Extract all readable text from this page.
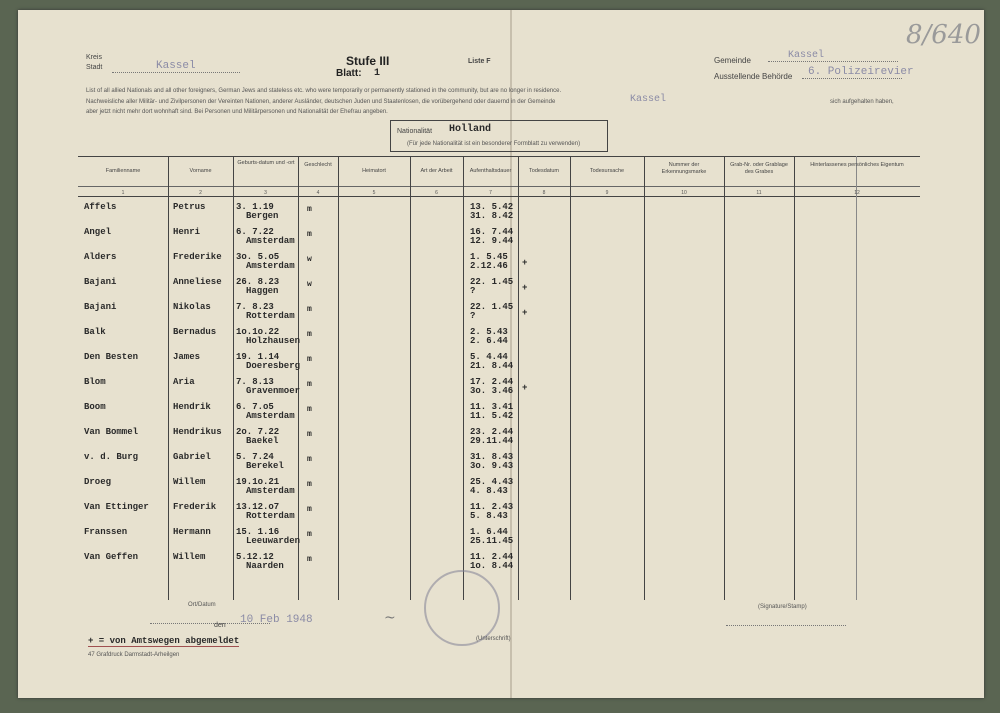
8/640
Kreis
Stadt	Kassel	Stufe III
Blatt: 1
Liste F	Gemeinde	Kassel
Ausstellende Behörde	6. Polizeirevier
List of all allied Nationals and all other foreigners, German Jews and stateless etc. who were temporarily or permanently stationed in the community, but are no longer in residence.
Nachweisliche aller Militär- und Zivilpersonen der Vereinten Nationen, anderer Ausländer, deutschen Juden und Staatenlosen, die vorübergehend oder dauernd in der Gemeinde	Kassel	sich aufgehalten haben,
aber jetzt nicht mehr dort wohnhaft sind. Bei Personen und Militärpersonen und Nationalität der Ehefrau angeben.
Nationalität Holland
(Für jede Nationalität ist ein besonderer Formblatt zu verwenden)
Familienname	Vorname
Geburts-datum und -ort	Geschlecht
Heimatort	Art der Arbeit	Aufenthaltsdauer	Todesdatum	Todesursache
Nummer der Erkennungsmarke
Grab-Nr. oder Grablage des Grabes
Hinterlassenes persönliches Eigentum
1	2	3	4	5	6	7	8	9	10	11	12
Affels	Petrus	3. 1.19
Bergen
m	13. 5.42
31. 8.42
Angel	Henri	6. 7.22
Amsterdam
m	16. 7.44
12. 9.44
Alders	Frederike 3o. 5.o5
Amsterdam
w	1. 5.45
2.12.46 +
Bajani	Anneliese 26. 8.23
Haggen
w	22. 1.45
?	+
Bajani	Nikolas	7. 8.23
Rotterdam
m	22. 1.45
?	+
Balk	Bernadus 1o.1o.22
Holzhausen
m	2. 5.43
2. 6.44
Den Besten	James	19. 1.14
Doeresberg
m	5. 4.44
21. 8.44
Blom	Aria	7. 8.13
Gravenmoer
m	17. 2.44
3o. 3.46 +
Boom	Hendrik	6. 7.o5
Amsterdam
m	11. 3.41
11. 5.42
Van Bommel	Hendrikus 2o. 7.22
Baekel
m	23. 2.44
29.11.44
v. d. Burg	Gabriel	5. 7.24
Berekel
m	31. 8.43
3o. 9.43
Droeg	Willem	19.1o.21
Amsterdam
m	25. 4.43
4. 8.43
Van Ettinger	Frederik 13.12.o7
Rotterdam
m	11. 2.43
5. 8.43
Franssen	Hermann	15. 1.16
Leeuwarden
m	1. 6.44
25.11.45
Van Geffen	Willem	5.12.12
Naarden
m	11. 2.44
1o. 8.44
Ort/Datum
den 10 Feb 1948	~
(Unterschrift)
(Signature/Stamp)
+ = von Amtswegen abgemeldet
47 Grafdruck Darmstadt-Arheilgen
